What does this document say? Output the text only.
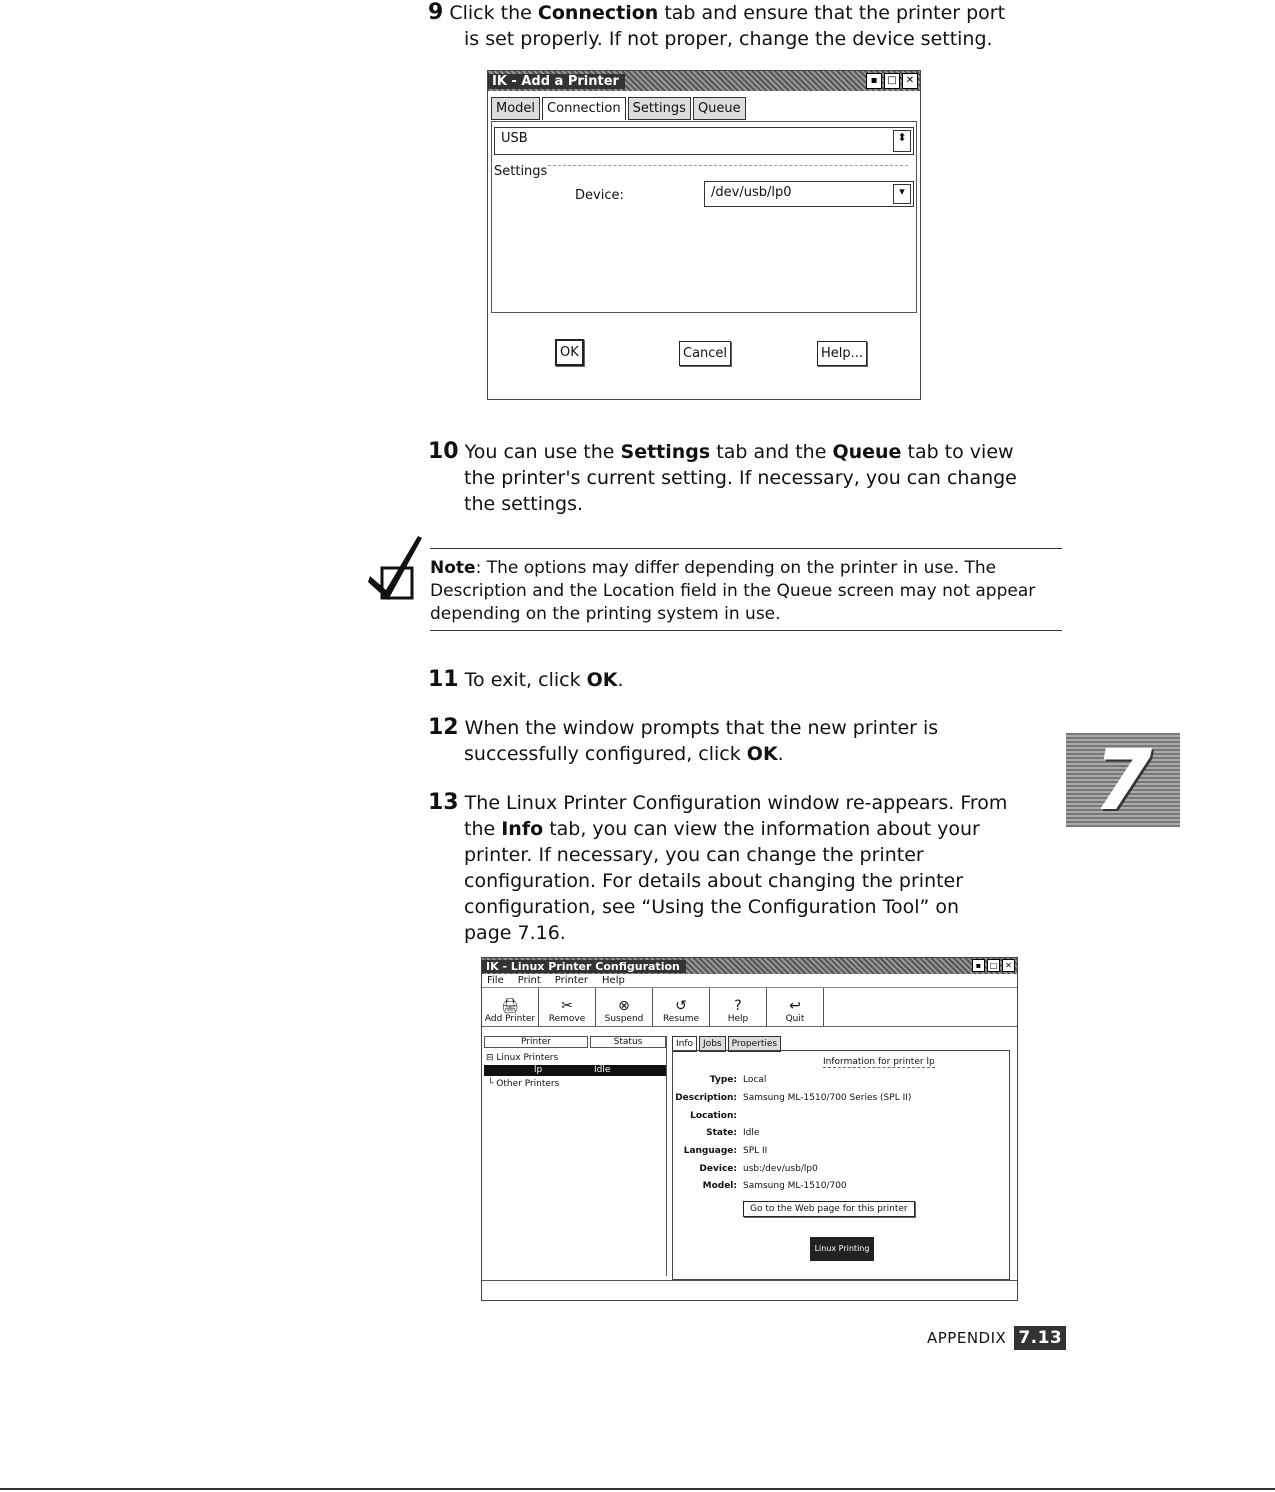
9 Click the Connection tab and ensure that the printer port
is set properly. If not proper, change the device setting.
IK - Add a Printer	▪ □ ✕
Model Connection Settings Queue
USB	⬍
Settings
Device:	/dev/usb/lp0	▾
OK	Cancel	Help...
10 You can use the Settings tab and the Queue tab to view
the printer's current setting. If necessary, you can change
the settings.
Note: The options may differ depending on the printer in use. The Description and the Location field in the Queue screen may not appear depending on the printing system in use.
11 To exit, click OK.
12 When the window prompts that the new printer is
successfully configured, click OK.
13 The Linux Printer Configuration window re-appears. From
the Info tab, you can view the information about your
printer. If necessary, you can change the printer
configuration. For details about changing the printer
configuration, see “Using the Configuration Tool” on
page 7.16.
7
IK - Linux Printer Configuration	▪	□ ✕
File Print Printer Help
🖨
Add Printer
✂
Remove
⊗
Suspend
↺
Resume
?
Help
↩
Quit
Printer	Status
⊟ Linux Printers
lp	Idle
└ Other Printers
Info	Jobs	Properties
Information for printer lp
Type: Local
Description: Samsung ML-1510/700 Series (SPL II)
Location:
State: Idle
Language: SPL II
Device: usb:/dev/usb/lp0
Model: Samsung ML-1510/700
Go to the Web page for this printer
Linux Printing
APPENDIX 7.13
